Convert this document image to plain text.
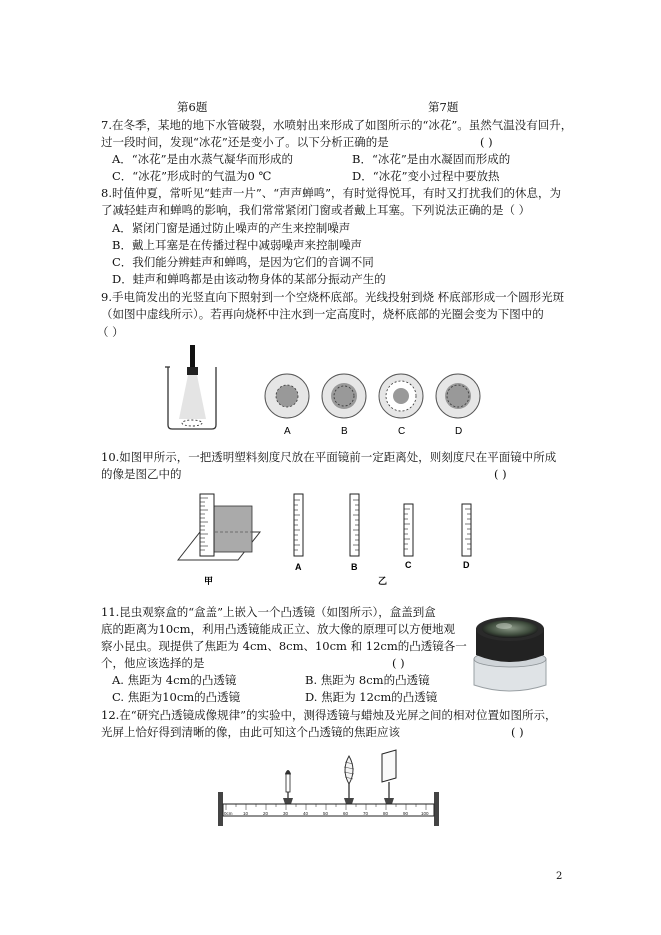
第6题	第7题
7.在冬季，某地的地下水管破裂，水喷射出来形成了如图所示的“冰花”。虽然气温没有回升，
过一段时间，发现“冰花”还是变小了。以下分析正确的是	( )
A．“冰花”是由水蒸气凝华而形成的	B．“冰花”是由水凝固而形成的
C．“冰花”形成时的气温为0 ℃	D．“冰花”变小过程中要放热
8.时值仲夏，常听见“蛙声一片”、“声声蝉鸣”，有时觉得悦耳，有时又打扰我们的休息，为
了减轻蛙声和蝉鸣的影响，我们常常紧闭门窗或者戴上耳塞。下列说法正确的是（ ）
A．紧闭门窗是通过防止噪声的产生来控制噪声
B．戴上耳塞是在传播过程中减弱噪声来控制噪声
C．我们能分辨蛙声和蝉鸣，是因为它们的音调不同
D．蛙声和蝉鸣都是由该动物身体的某部分振动产生的
9.手电筒发出的光竖直向下照射到一个空烧杯底部。光线投射到烧 杯底部形成一个圆形光斑
（如图中虚线所示）。若再向烧杯中注水到一定高度时，烧杯底部的光圈会变为下图中的
（ ）
A	B	C	D
10.如图甲所示，一把透明塑料刻度尺放在平面镜前一定距离处，则刻度尺在平面镜中所成
的像是图乙中的	( )
A	B	C	D
甲	乙
11.昆虫观察盒的“盒盖”上嵌入一个凸透镜（如图所示），盒盖到盒
底的距离为10cm，利用凸透镜能成正立、放大像的原理可以方便地观
察小昆虫。现提供了焦距为 4cm、8cm、10cm 和 12cm的凸透镜各一
个，他应该选择的是	( )
A. 焦距为 4cm的凸透镜	B. 焦距为 8cm的凸透镜
C. 焦距为10cm的凸透镜	D. 焦距为 12cm的凸透镜
12.在“研究凸透镜成像规律”的实验中，测得透镜与蜡烛及光屏之间的相对位置如图所示，
光屏上恰好得到清晰的像，由此可知这个凸透镜的焦距应该	( )
0cm 10	20	30	40	50	60	70	80	90	100
2
